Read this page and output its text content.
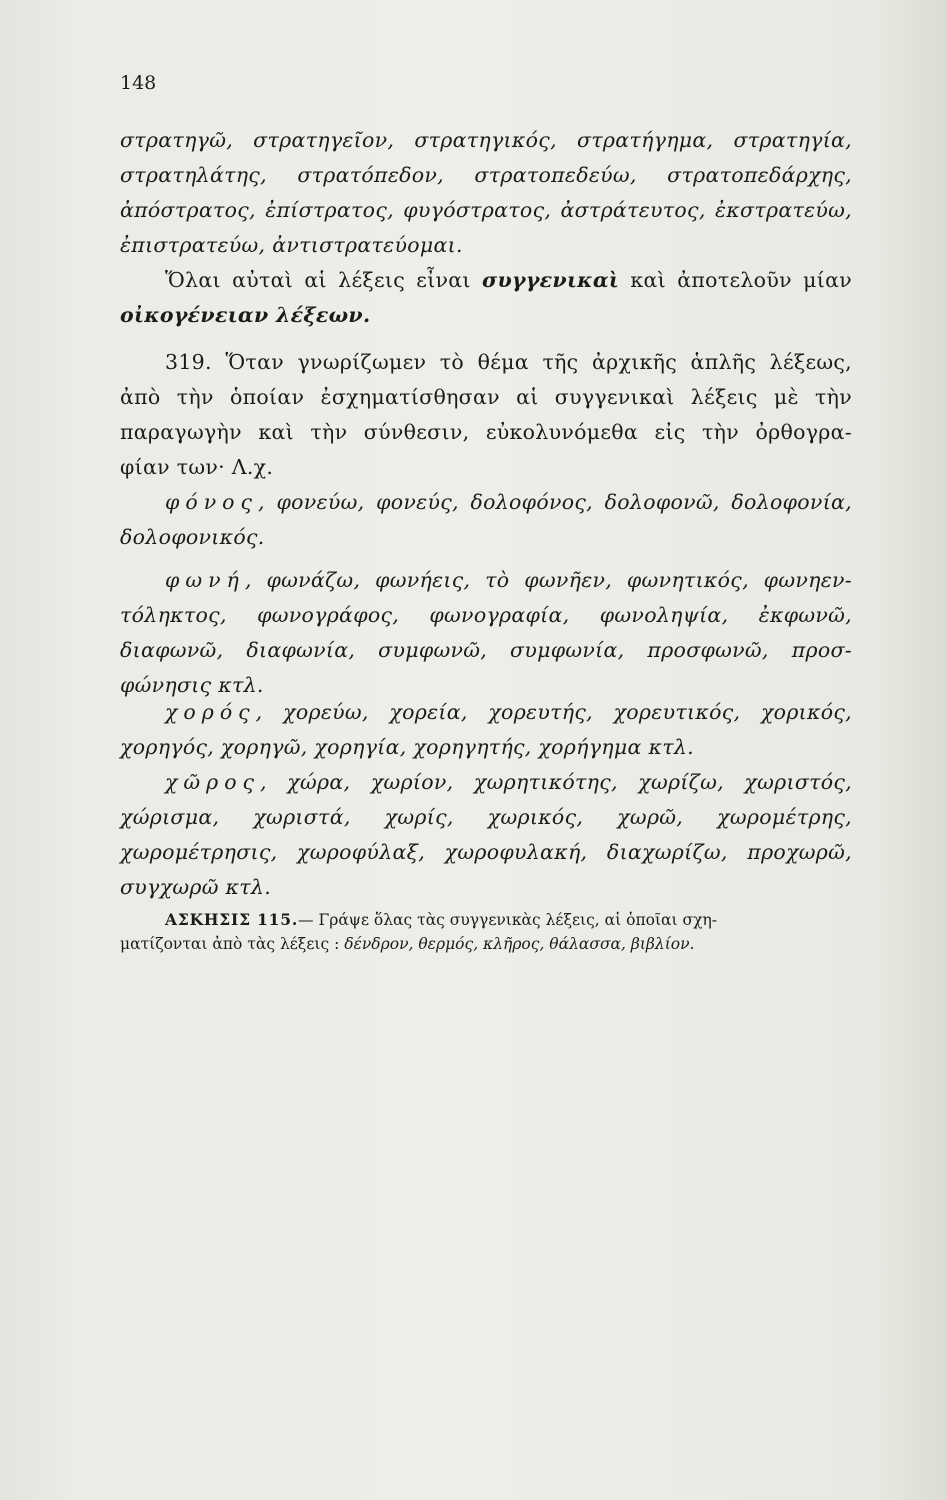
148
στρατηγῶ, στρατηγεῖον, στρατηγικός, στρατήγημα, στρατηγία,
στρατηλάτης, στρατόπεδον, στρατοπεδεύω, στρατοπεδάρχης,
ἀπόστρατος, ἐπίστρατος, φυγόστρατος, ἀστράτευτος, ἐκστρατεύω,
ἐπιστρατεύω, ἀντιστρατεύομαι.
Ὅλαι αὐταὶ αἱ λέξεις εἶναι συγγενικαὶ καὶ ἀποτελοῦν μίαν
οἰκογένειαν λέξεων.
319. Ὅταν γνωρίζωμεν τὸ θέμα τῆς ἀρχικῆς ἁπλῆς λέξεως,
ἀπὸ τὴν ὁποίαν ἐσχηματίσθησαν αἱ συγγενικαὶ λέξεις μὲ τὴν
παραγωγὴν καὶ τὴν σύνθεσιν, εὐκολυνόμεθα εἰς τὴν ὀρθογρα-
φίαν των· Λ.χ.
φόνος, φονεύω, φονεύς, δολοφόνος, δολοφονῶ, δολοφονία,
δολοφονικός.
φωνή, φωνάζω, φωνήεις, τὸ φωνῆεν, φωνητικός, φωνηεν-
τόληκτος, φωνογράφος, φωνογραφία, φωνοληψία, ἐκφωνῶ,
διαφωνῶ, διαφωνία, συμφωνῶ, συμφωνία, προσφωνῶ, προσ-
φώνησις κτλ.
χορός, χορεύω, χορεία, χορευτής, χορευτικός, χορικός,
χορηγός, χορηγῶ, χορηγία, χορηγητής, χορήγημα κτλ.
χῶρος, χώρα, χωρίον, χωρητικότης, χωρίζω, χωριστός,
χώρισμα, χωριστά, χωρίς, χωρικός, χωρῶ, χωρομέτρης,
χωρομέτρησις, χωροφύλαξ, χωροφυλακή, διαχωρίζω, προχωρῶ,
συγχωρῶ κτλ.
ΑΣΚΗΣΙΣ 115.— Γράψε ὅλας τὰς συγγενικὰς λέξεις, αἱ ὁποῖαι σχη-
ματίζονται ἀπὸ τὰς λέξεις : δένδρον, θερμός, κλῆρος, θάλασσα, βιβλίον.
